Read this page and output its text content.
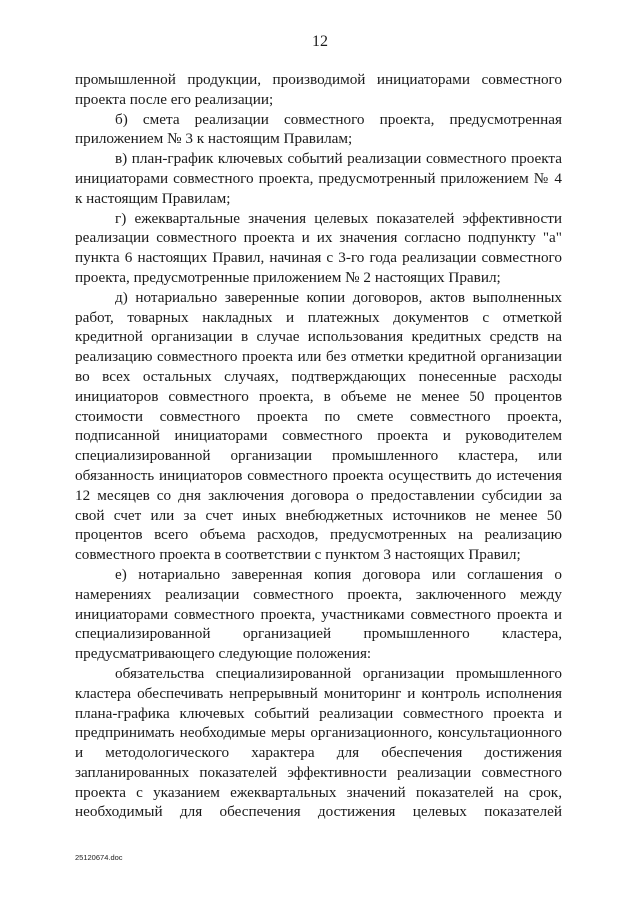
12

промышленной продукции, производимой инициаторами совместного проекта после его реализации;

б) смета реализации совместного проекта, предусмотренная приложением № 3 к настоящим Правилам;

в) план-график ключевых событий реализации совместного проекта инициаторами совместного проекта, предусмотренный приложением № 4 к настоящим Правилам;

г) ежеквартальные значения целевых показателей эффективности реализации совместного проекта и их значения согласно подпункту "а" пункта 6 настоящих Правил, начиная с 3-го года реализации совместного проекта, предусмотренные приложением № 2 настоящих Правил;

д) нотариально заверенные копии договоров, актов выполненных работ, товарных накладных и платежных документов с отметкой кредитной организации в случае использования кредитных средств на реализацию совместного проекта или без отметки кредитной организации во всех остальных случаях, подтверждающих понесенные расходы инициаторов совместного проекта, в объеме не менее 50 процентов стоимости совместного проекта по смете совместного проекта, подписанной инициаторами совместного проекта и руководителем специализированной организации промышленного кластера, или обязанность инициаторов совместного проекта осуществить до истечения 12 месяцев со дня заключения договора о предоставлении субсидии за свой счет или за счет иных внебюджетных источников не менее 50 процентов всего объема расходов, предусмотренных на реализацию совместного проекта в соответствии с пунктом 3 настоящих Правил;

е) нотариально заверенная копия договора или соглашения о намерениях реализации совместного проекта, заключенного между инициаторами совместного проекта, участниками совместного проекта и специализированной организацией промышленного кластера, предусматривающего следующие положения:

обязательства специализированной организации промышленного кластера обеспечивать непрерывный мониторинг и контроль исполнения плана-графика ключевых событий реализации совместного проекта и предпринимать необходимые меры организационного, консультационного и методологического характера для обеспечения достижения запланированных показателей эффективности реализации совместного проекта с указанием ежеквартальных значений показателей на срок, необходимый для обеспечения достижения целевых показателей

25120674.doc
